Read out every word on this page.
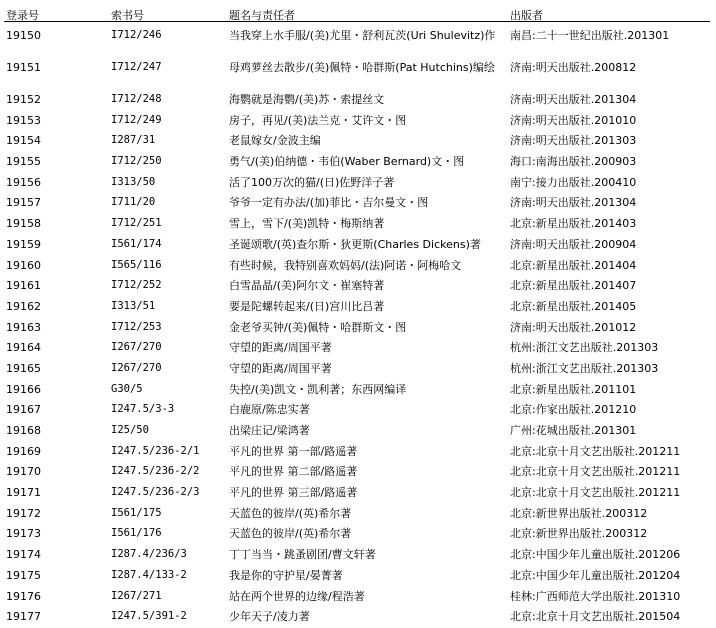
登录号	索书号	题名与责任者	出版者
19150	I712/246	当我穿上水手服/(美)尤里・舒利瓦茨(Uri Shulevitz)作	南昌:二十一世纪出版社.201301
19151	I712/247	母鸡萝丝去散步/(美)佩特・哈群斯(Pat Hutchins)编绘	济南:明天出版社.200812
19152	I712/248	海鹦就是海鹦/(美)苏・索提丝文	济南:明天出版社.201304
19153	I712/249	房子，再见/(美)法兰克・艾许文・图	济南:明天出版社.201010
19154	I287/31	老鼠嫁女/金波主编	济南:明天出版社.201303
19155	I712/250	勇气/(美)伯纳德・韦伯(Waber Bernard)文・图	海口:南海出版社.200903
19156	I313/50	活了100万次的猫/(日)佐野洋子著	南宁:接力出版社.200410
19157	I711/20	爷爷一定有办法/(加)菲比・吉尔曼文・图	济南:明天出版社.201304
19158	I712/251	雪上，雪下/(美)凯特・梅斯纳著	北京:新星出版社.201403
19159	I561/174	圣诞颂歌/(英)查尔斯・狄更斯(Charles Dickens)著	济南:明天出版社.200904
19160	I565/116	有些时候，我特别喜欢妈妈/(法)阿诺・阿梅哈文	北京:新星出版社.201404
19161	I712/252	白雪晶晶/(美)阿尔文・崔塞特著	北京:新星出版社.201407
19162	I313/51	要是陀螺转起来/(日)宫川比吕著	北京:新星出版社.201405
19163	I712/253	金老爷买钟/(美)佩特・哈群斯文・图	济南:明天出版社.201012
19164	I267/270	守望的距离/周国平著	杭州:浙江文艺出版社.201303
19165	I267/270	守望的距离/周国平著	杭州:浙江文艺出版社.201303
19166	G30/5	失控/(美)凯文・凯利著；东西网编译	北京:新星出版社.201101
19167	I247.5/3-3	白鹿原/陈忠实著	北京:作家出版社.201210
19168	I25/50	出梁庄记/梁鸿著	广州:花城出版社.201301
19169	I247.5/236-2/1	平凡的世界 第一部/路遥著	北京:北京十月文艺出版社.201211
19170	I247.5/236-2/2	平凡的世界 第二部/路遥著	北京:北京十月文艺出版社.201211
19171	I247.5/236-2/3	平凡的世界 第三部/路遥著	北京:北京十月文艺出版社.201211
19172	I561/175	天蓝色的彼岸/(英)希尔著	北京:新世界出版社.200312
19173	I561/176	天蓝色的彼岸/(英)希尔著	北京:新世界出版社.200312
19174	I287.4/236/3	丁丁当当・跳蚤剧团/曹文轩著	北京:中国少年儿童出版社.201206
19175	I287.4/133-2	我是你的守护星/晏菁著	北京:中国少年儿童出版社.201204
19176	I267/271	站在两个世界的边缘/程浩著	桂林:广西师范大学出版社.201310
19177	I247.5/391-2	少年天子/凌力著	北京:北京十月文艺出版社.201504
